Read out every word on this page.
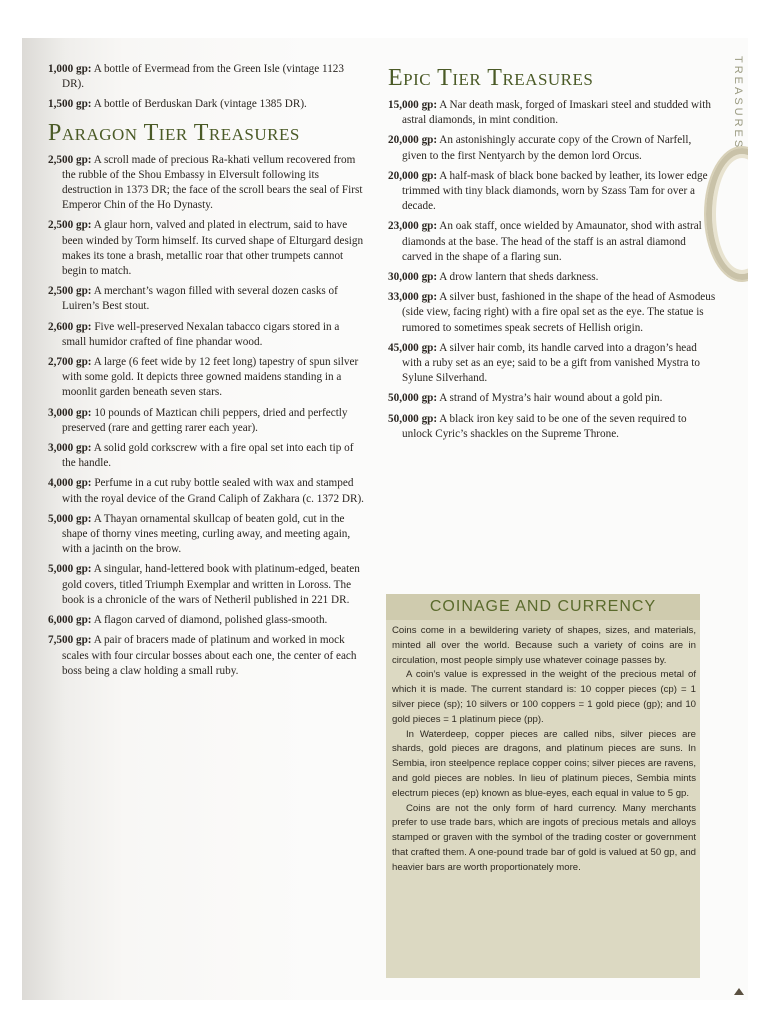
TREASURES

1,000 gp: A bottle of Evermead from the Green Isle (vintage 1123 DR).

1,500 gp: A bottle of Berduskan Dark (vintage 1385 DR).

Paragon Tier Treasures

2,500 gp: A scroll made of precious Ra-khati vellum recovered from the rubble of the Shou Embassy in Elversult following its destruction in 1373 DR; the face of the scroll bears the seal of First Emperor Chin of the Ho Dynasty.

2,500 gp: A glaur horn, valved and plated in electrum, said to have been winded by Torm himself. Its curved shape of Elturgard design makes its tone a brash, metallic roar that other trumpets cannot begin to match.

2,500 gp: A merchant’s wagon filled with several dozen casks of Luiren’s Best stout.

2,600 gp: Five well-preserved Nexalan tabacco cigars stored in a small humidor crafted of fine phandar wood.

2,700 gp: A large (6 feet wide by 12 feet long) tapestry of spun silver with some gold. It depicts three gowned maidens standing in a moonlit garden beneath seven stars.

3,000 gp: 10 pounds of Maztican chili peppers, dried and perfectly preserved (rare and getting rarer each year).

3,000 gp: A solid gold corkscrew with a fire opal set into each tip of the handle.

4,000 gp: Perfume in a cut ruby bottle sealed with wax and stamped with the royal device of the Grand Caliph of Zakhara (c. 1372 DR).

5,000 gp: A Thayan ornamental skullcap of beaten gold, cut in the shape of thorny vines meeting, curling away, and meeting again, with a jacinth on the brow.

5,000 gp: A singular, hand-lettered book with platinum-edged, beaten gold covers, titled Triumph Exemplar and written in Loross. The book is a chronicle of the wars of Netheril published in 221 DR.

6,000 gp: A flagon carved of diamond, polished glass-smooth.

7,500 gp: A pair of bracers made of platinum and worked in mock scales with four circular bosses about each one, the center of each boss being a claw holding a small ruby.

Epic Tier Treasures

15,000 gp: A Nar death mask, forged of Imaskari steel and studded with astral diamonds, in mint condition.

20,000 gp: An astonishingly accurate copy of the Crown of Narfell, given to the first Nentyarch by the demon lord Orcus.

20,000 gp: A half-mask of black bone backed by leather, its lower edge trimmed with tiny black diamonds, worn by Szass Tam for over a decade.

23,000 gp: An oak staff, once wielded by Amaunator, shod with astral diamonds at the base. The head of the staff is an astral diamond carved in the shape of a flaring sun.

30,000 gp: A drow lantern that sheds darkness.

33,000 gp: A silver bust, fashioned in the shape of the head of Asmodeus (side view, facing right) with a fire opal set as the eye. The statue is rumored to sometimes speak secrets of Hellish origin.

45,000 gp: A silver hair comb, its handle carved into a dragon’s head with a ruby set as an eye; said to be a gift from vanished Mystra to Sylune Silverhand.

50,000 gp: A strand of Mystra’s hair wound about a gold pin.

50,000 gp: A black iron key said to be one of the seven required to unlock Cyric’s shackles on the Supreme Throne.

COINAGE AND CURRENCY

Coins come in a bewildering variety of shapes, sizes, and materials, minted all over the world. Because such a variety of coins are in circulation, most people simply use whatever coinage passes by.

A coin’s value is expressed in the weight of the precious metal of which it is made. The current standard is: 10 copper pieces (cp) = 1 silver piece (sp); 10 silvers or 100 coppers = 1 gold piece (gp); and 10 gold pieces = 1 platinum piece (pp).

In Waterdeep, copper pieces are called nibs, silver pieces are shards, gold pieces are dragons, and platinum pieces are suns. In Sembia, iron steelpence replace copper coins; silver pieces are ravens, and gold pieces are nobles. In lieu of platinum pieces, Sembia mints electrum pieces (ep) known as blue-eyes, each equal in value to 5 gp.

Coins are not the only form of hard currency. Many merchants prefer to use trade bars, which are ingots of precious metals and alloys stamped or graven with the symbol of the trading coster or government that crafted them. A one-pound trade bar of gold is valued at 50 gp, and heavier bars are worth proportionately more.
